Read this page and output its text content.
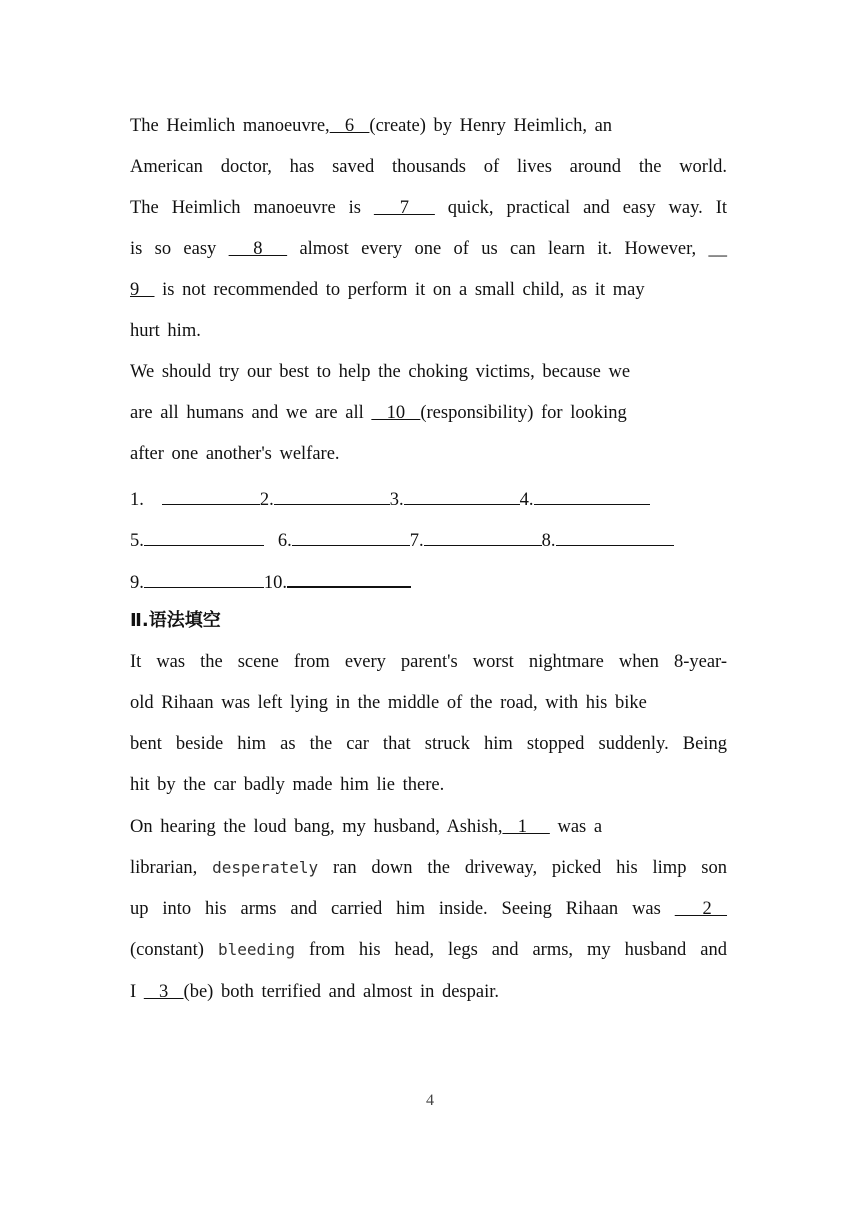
The Heimlich manoeuvre,  6  (create) by Henry Heimlich, an
American doctor, has saved thousands of lives around the world.
The Heimlich manoeuvre is   7   quick, practical and easy way. It
is so easy   8   almost every one of us can learn it. However, __
9   is not recommended to perform it on a small child, as it may
hurt him.
We should try our best to help the choking victims, because we
are all humans and we are all   10  (responsibility) for looking
after one another's welfare.
1.	2.	3.	4.
5.	6.	7.	8.
9.	10.
Ⅱ.语法填空
It was the scene from every parent's worst nightmare when 8-year-
old Rihaan was left lying in the middle of the road, with his bike
bent beside him as the car that struck him stopped suddenly. Being
hit by the car badly made him lie there.
On hearing the loud bang, my husband, Ashish,  1    was a
librarian, desperately ran down the driveway, picked his limp son
up into his arms and carried him inside. Seeing Rihaan was   2
(constant) bleeding from his head, legs and arms, my husband and
I   3  (be) both terrified and almost in despair.
4
